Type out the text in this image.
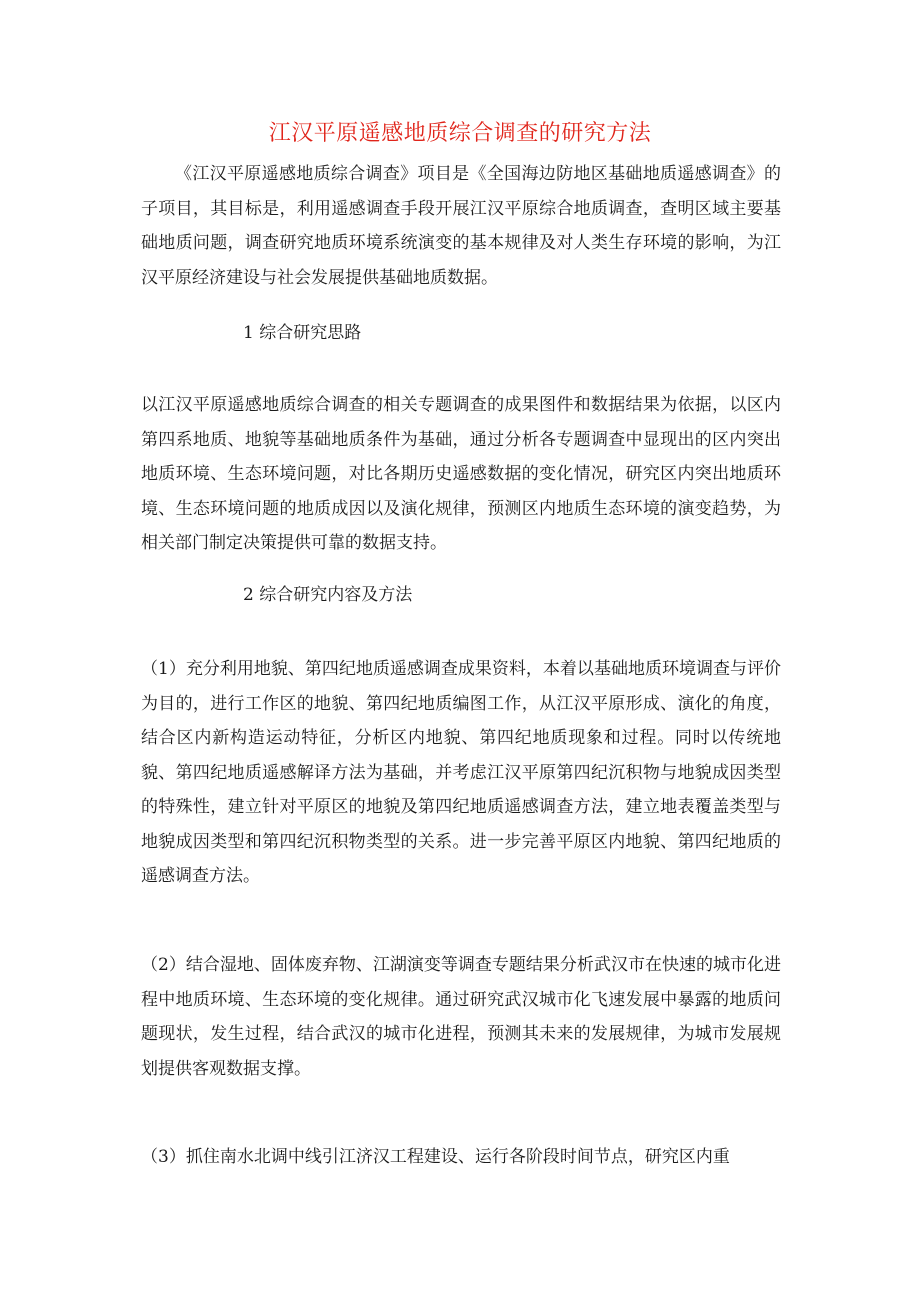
江汉平原遥感地质综合调查的研究方法

《江汉平原遥感地质综合调查》项目是《全国海边防地区基础地质遥感调查》的子项目，其目标是，利用遥感调查手段开展江汉平原综合地质调查，查明区域主要基础地质问题，调查研究地质环境系统演变的基本规律及对人类生存环境的影响，为江汉平原经济建设与社会发展提供基础地质数据。

1 综合研究思路

以江汉平原遥感地质综合调查的相关专题调查的成果图件和数据结果为依据，以区内第四系地质、地貌等基础地质条件为基础，通过分析各专题调查中显现出的区内突出地质环境、生态环境问题，对比各期历史遥感数据的变化情况，研究区内突出地质环境、生态环境问题的地质成因以及演化规律，预测区内地质生态环境的演变趋势，为相关部门制定决策提供可靠的数据支持。

2 综合研究内容及方法

（1）充分利用地貌、第四纪地质遥感调查成果资料，本着以基础地质环境调查与评价为目的，进行工作区的地貌、第四纪地质编图工作，从江汉平原形成、演化的角度，结合区内新构造运动特征，分析区内地貌、第四纪地质现象和过程。同时以传统地貌、第四纪地质遥感解译方法为基础，并考虑江汉平原第四纪沉积物与地貌成因类型的特殊性，建立针对平原区的地貌及第四纪地质遥感调查方法，建立地表覆盖类型与地貌成因类型和第四纪沉积物类型的关系。进一步完善平原区内地貌、第四纪地质的遥感调查方法。

（2）结合湿地、固体废弃物、江湖演变等调查专题结果分析武汉市在快速的城市化进程中地质环境、生态环境的变化规律。通过研究武汉城市化飞速发展中暴露的地质问题现状，发生过程，结合武汉的城市化进程，预测其未来的发展规律，为城市发展规划提供客观数据支撑。

（3）抓住南水北调中线引江济汉工程建设、运行各阶段时间节点，研究区内重
